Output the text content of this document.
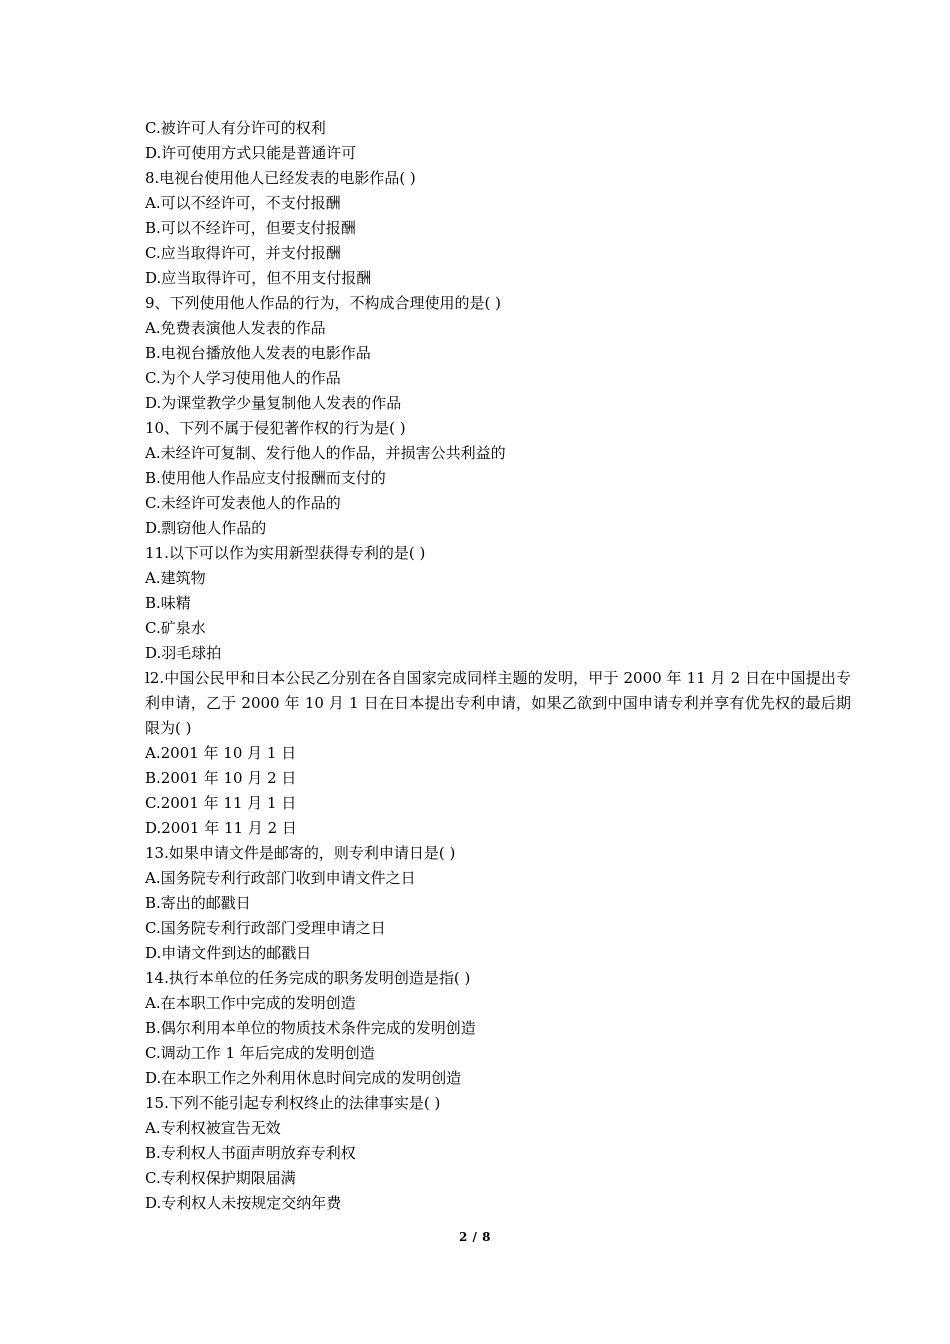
C.被许可人有分许可的权利
D.许可使用方式只能是普通许可
8.电视台使用他人已经发表的电影作品( )
A.可以不经许可，不支付报酬
B.可以不经许可，但要支付报酬
C.应当取得许可，并支付报酬
D.应当取得许可，但不用支付报酬
9、下列使用他人作品的行为，不构成合理使用的是( )
A.免费表演他人发表的作品
B.电视台播放他人发表的电影作品
C.为个人学习使用他人的作品
D.为课堂教学少量复制他人发表的作品
10、下列不属于侵犯著作权的行为是( )
A.未经许可复制、发行他人的作品，并损害公共利益的
B.使用他人作品应支付报酬而支付的
C.未经许可发表他人的作品的
D.剽窃他人作品的
11.以下可以作为实用新型获得专利的是( )
A.建筑物
B.味精
C.矿泉水
D.羽毛球拍
l2.中国公民甲和日本公民乙分别在各自国家完成同样主题的发明，甲于 2000 年 11 月 2 日在中国提出专利申请，乙于 2000 年 10 月 1 日在日本提出专利申请，如果乙欲到中国申请专利并享有优先权的最后期限为( )
A.2001 年 10 月 1 日
B.2001 年 10 月 2 日
C.2001 年 11 月 1 日
D.2001 年 11 月 2 日
13.如果申请文件是邮寄的，则专利申请日是( )
A.国务院专利行政部门收到申请文件之日
B.寄出的邮戳日
C.国务院专利行政部门受理申请之日
D.申请文件到达的邮戳日
14.执行本单位的任务完成的职务发明创造是指( )
A.在本职工作中完成的发明创造
B.偶尔利用本单位的物质技术条件完成的发明创造
C.调动工作 1 年后完成的发明创造
D.在本职工作之外利用休息时间完成的发明创造
15.下列不能引起专利权终止的法律事实是( )
A.专利权被宣告无效
B.专利权人书面声明放弃专利权
C.专利权保护期限届满
D.专利权人未按规定交纳年费
2 / 8
